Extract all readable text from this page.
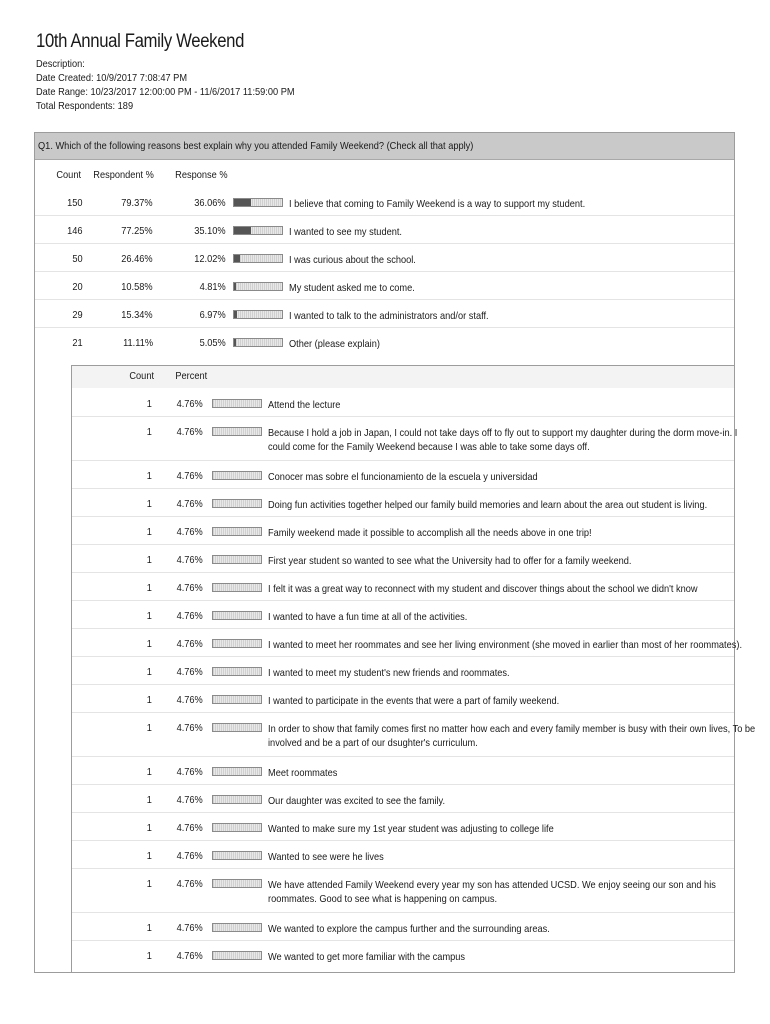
10th Annual Family Weekend
Description:
Date Created: 10/9/2017 7:08:47 PM
Date Range: 10/23/2017 12:00:00 PM - 11/6/2017 11:59:00 PM
Total Respondents: 189
Q1. Which of the following reasons best explain why you attended Family Weekend? (Check all that apply)
Count Respondent % Response %
150	79.37%	36.06%	I believe that coming to Family Weekend is a way to support my student.
146	77.25%	35.10%	I wanted to see my student.
50	26.46%	12.02%	I was curious about the school.
20	10.58%	4.81%	My student asked me to come.
29	15.34%	6.97%	I wanted to talk to the administrators and/or staff.
21	11.11%	5.05%	Other (please explain)
Count Percent
1 4.76%	Attend the lecture
1 4.76%	Because I hold a job in Japan, I could not take days off to fly out to support my daughter during the dorm move-in. I could come for the Family Weekend because I was able to take some days off.
1 4.76%	Conocer mas sobre el funcionamiento de la escuela y universidad
1 4.76%	Doing fun activities together helped our family build memories and learn about the area out student is living.
1 4.76%	Family weekend made it possible to accomplish all the needs above in one trip!
1 4.76%	First year student so wanted to see what the University had to offer for a family weekend.
1 4.76%	I felt it was a great way to reconnect with my student and discover things about the school we didn't know
1 4.76%	I wanted to have a fun time at all of the activities.
1 4.76%	I wanted to meet her roommates and see her living environment (she moved in earlier than most of her roommates).
1 4.76%	I wanted to meet my student's new friends and roommates.
1 4.76%	I wanted to participate in the events that were a part of family weekend.
1 4.76%	In order to show that family comes first no matter how each and every family member is busy with their own lives, To be involved and be a part of our dsughter's curriculum.
1 4.76%	Meet roommates
1 4.76%	Our daughter was excited to see the family.
1 4.76%	Wanted to make sure my 1st year student was adjusting to college life
1 4.76%	Wanted to see were he lives
1 4.76%	We have attended Family Weekend every year my son has attended UCSD. We enjoy seeing our son and his roommates. Good to see what is happening on campus.
1 4.76%	We wanted to explore the campus further and the surrounding areas.
1 4.76%	We wanted to get more familiar with the campus
